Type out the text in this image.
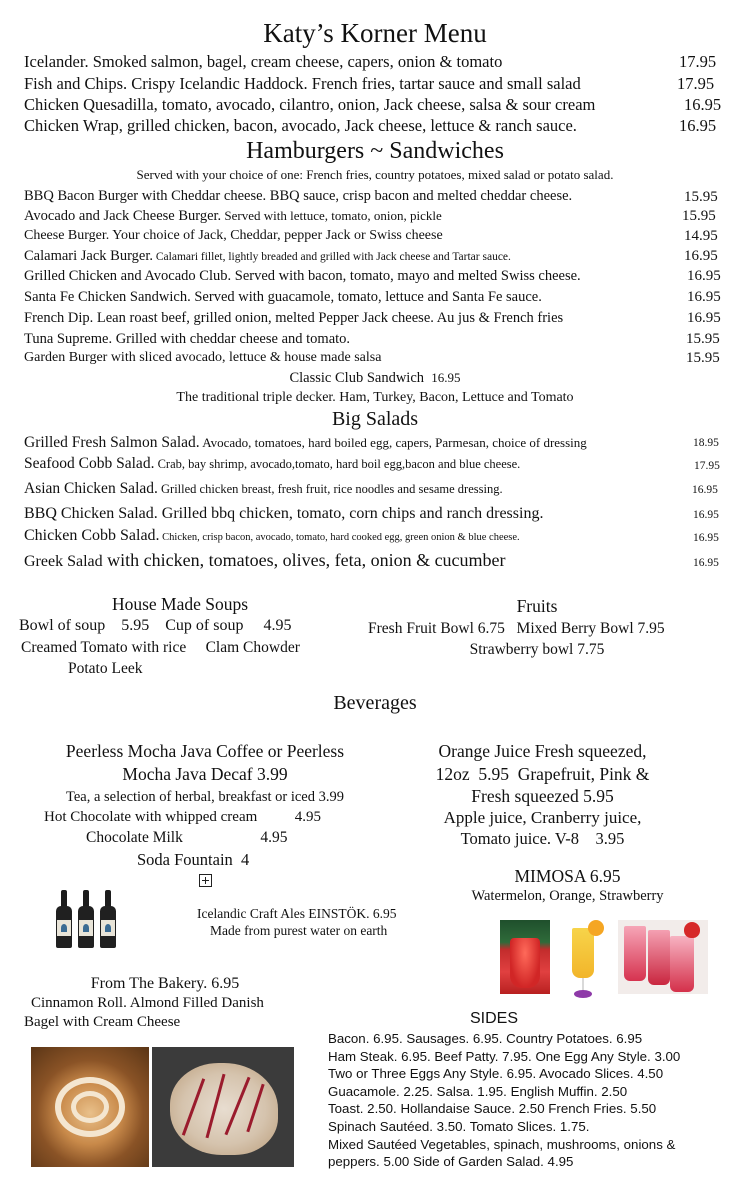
Katy’s Korner Menu
Icelander. Smoked salmon, bagel, cream cheese, capers, onion & tomato	17.95
Fish and Chips. Crispy Icelandic Haddock. French fries, tartar sauce and small salad	17.95
Chicken Quesadilla, tomato, avocado, cilantro, onion, Jack cheese, salsa & sour cream	16.95
Chicken Wrap, grilled chicken, bacon, avocado, Jack cheese, lettuce & ranch sauce.	16.95
Hamburgers ~ Sandwiches
Served with your choice of one: French fries, country potatoes, mixed salad or potato salad.
BBQ Bacon Burger with Cheddar cheese. BBQ sauce, crisp bacon and melted cheddar cheese.	15.95
Avocado and Jack Cheese Burger. Served with lettuce, tomato, onion, pickle	15.95
Cheese Burger. Your choice of Jack, Cheddar, pepper Jack or Swiss cheese	14.95
Calamari Jack Burger. Calamari fillet, lightly breaded and grilled with Jack cheese and Tartar sauce.	16.95
Grilled Chicken and Avocado Club. Served with bacon, tomato, mayo and melted Swiss cheese.	16.95
Santa Fe Chicken Sandwich. Served with guacamole, tomato, lettuce and Santa Fe sauce.	16.95
French Dip. Lean roast beef, grilled onion, melted Pepper Jack cheese. Au jus & French fries	16.95
Tuna Supreme. Grilled with cheddar cheese and tomato.	15.95
Garden Burger with sliced avocado, lettuce & house made salsa	15.95
Classic Club Sandwich 16.95
The traditional triple decker. Ham, Turkey, Bacon, Lettuce and Tomato
Big Salads
Grilled Fresh Salmon Salad. Avocado, tomatoes, hard boiled egg, capers, Parmesan, choice of dressing	18.95
Seafood Cobb Salad. Crab, bay shrimp, avocado,tomato, hard boil egg,bacon and blue cheese.	17.95
Asian Chicken Salad. Grilled chicken breast, fresh fruit, rice noodles and sesame dressing.	16.95
BBQ Chicken Salad. Grilled bbq chicken, tomato, corn chips and ranch dressing.	16.95
Chicken Cobb Salad. Chicken, crisp bacon, avocado, tomato, hard cooked egg, green onion & blue cheese.	16.95
Greek Salad with chicken, tomatoes, olives, feta, onion & cucumber	16.95
House Made Soups
Bowl of soup    5.95    Cup of soup     4.95
Creamed Tomato with rice     Clam Chowder
Potato Leek
Fruits
Fresh Fruit Bowl 6.75   Mixed Berry Bowl 7.95
Strawberry bowl 7.75
Beverages
Peerless Mocha Java Coffee or Peerless
Mocha Java Decaf 3.99
Tea, a selection of herbal, breakfast or iced 3.99
Hot Chocolate with whipped cream          4.95
Chocolate Milk                    4.95
Soda Fountain  4
Icelandic Craft Ales EINSTÖK. 6.95
Made from purest water on earth
Orange Juice Fresh squeezed,
12oz  5.95  Grapefruit, Pink &
Fresh squeezed 5.95
Apple juice, Cranberry juice,
Tomato juice. V-8    3.95
MIMOSA 6.95
Watermelon, Orange, Strawberry
From The Bakery. 6.95
Cinnamon Roll. Almond Filled Danish
Bagel with Cream Cheese	SIDES
Bacon. 6.95. Sausages. 6.95. Country Potatoes. 6.95
Ham Steak. 6.95. Beef Patty. 7.95. One Egg Any Style. 3.00
Two or Three Eggs Any Style. 6.95. Avocado Slices. 4.50
Guacamole. 2.25. Salsa. 1.95. English Muffin. 2.50
Toast. 2.50. Hollandaise Sauce. 2.50 French Fries. 5.50
Spinach Sautéed. 3.50. Tomato Slices. 1.75.
Mixed Sautéed Vegetables, spinach, mushrooms, onions &
peppers. 5.00 Side of Garden Salad. 4.95
